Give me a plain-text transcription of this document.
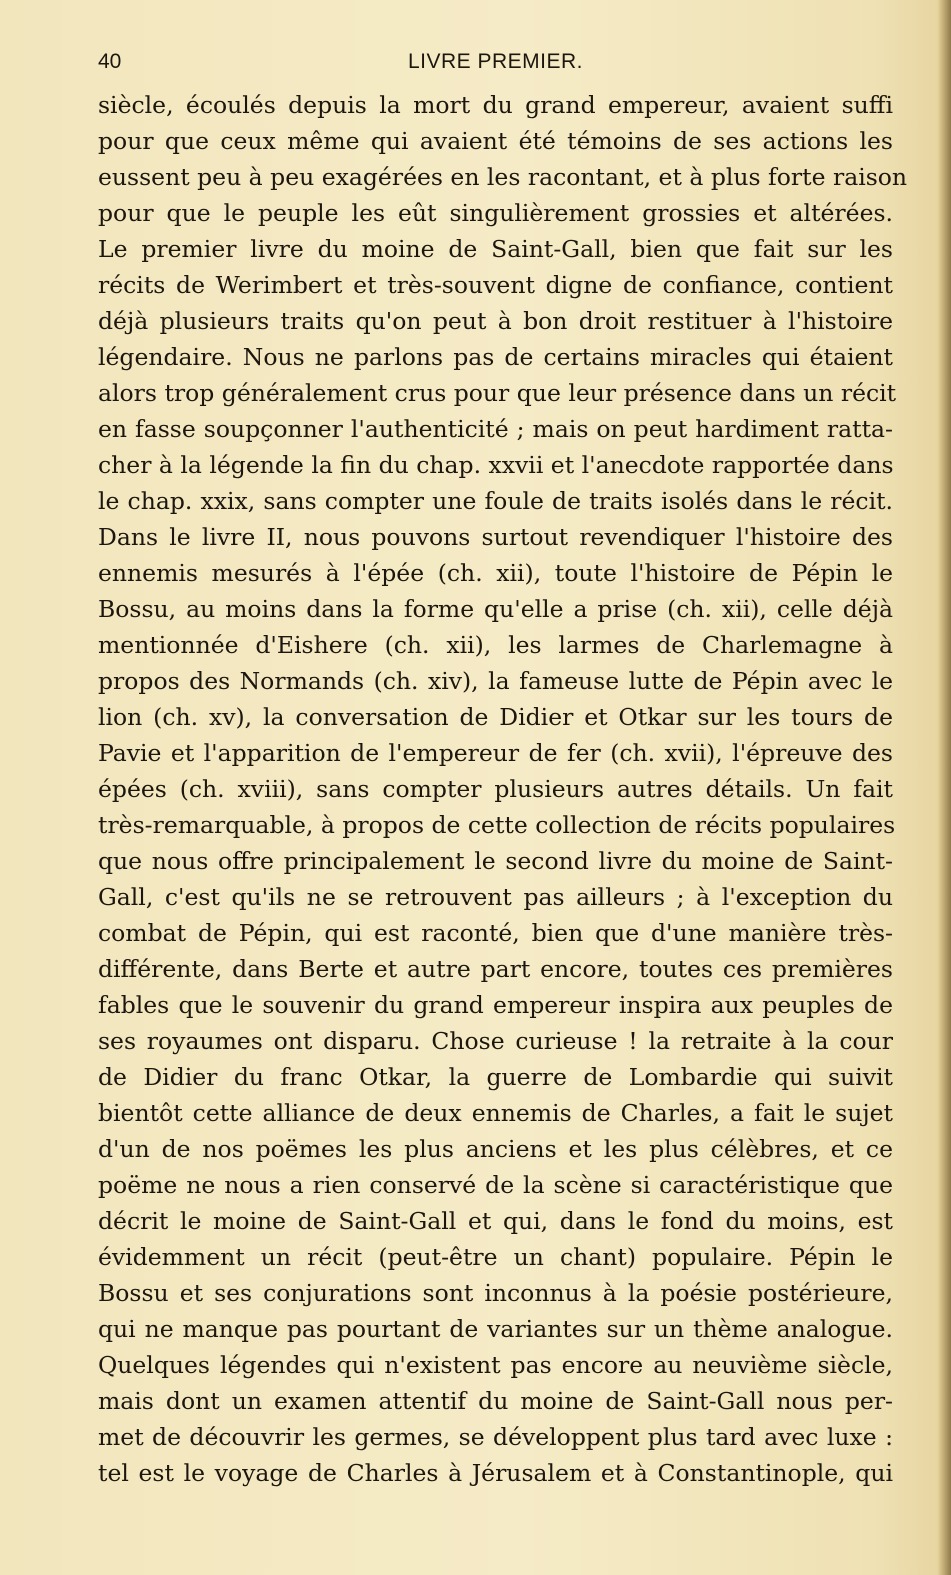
40	LIVRE PREMIER.
siècle, écoulés depuis la mort du grand empereur, avaient suffi
pour que ceux même qui avaient été témoins de ses actions les
eussent peu à peu exagérées en les racontant, et à plus forte raison
pour que le peuple les eût singulièrement grossies et altérées.
Le premier livre du moine de Saint-Gall, bien que fait sur les
récits de Werimbert et très-souvent digne de confiance, contient
déjà plusieurs traits qu'on peut à bon droit restituer à l'histoire
légendaire. Nous ne parlons pas de certains miracles qui étaient
alors trop généralement crus pour que leur présence dans un récit
en fasse soupçonner l'authenticité ; mais on peut hardiment ratta-
cher à la légende la fin du chap. xxvii et l'anecdote rapportée dans
le chap. xxix, sans compter une foule de traits isolés dans le récit.
Dans le livre II, nous pouvons surtout revendiquer l'histoire des
ennemis mesurés à l'épée (ch. xii), toute l'histoire de Pépin le
Bossu, au moins dans la forme qu'elle a prise (ch. xii), celle déjà
mentionnée d'Eishere (ch. xii), les larmes de Charlemagne à
propos des Normands (ch. xiv), la fameuse lutte de Pépin avec le
lion (ch. xv), la conversation de Didier et Otkar sur les tours de
Pavie et l'apparition de l'empereur de fer (ch. xvii), l'épreuve des
épées (ch. xviii), sans compter plusieurs autres détails. Un fait
très-remarquable, à propos de cette collection de récits populaires
que nous offre principalement le second livre du moine de Saint-
Gall, c'est qu'ils ne se retrouvent pas ailleurs ; à l'exception du
combat de Pépin, qui est raconté, bien que d'une manière très-
différente, dans Berte et autre part encore, toutes ces premières
fables que le souvenir du grand empereur inspira aux peuples de
ses royaumes ont disparu. Chose curieuse ! la retraite à la cour
de Didier du franc Otkar, la guerre de Lombardie qui suivit
bientôt cette alliance de deux ennemis de Charles, a fait le sujet
d'un de nos poëmes les plus anciens et les plus célèbres, et ce
poëme ne nous a rien conservé de la scène si caractéristique que
décrit le moine de Saint-Gall et qui, dans le fond du moins, est
évidemment un récit (peut-être un chant) populaire. Pépin le
Bossu et ses conjurations sont inconnus à la poésie postérieure,
qui ne manque pas pourtant de variantes sur un thème analogue.
Quelques légendes qui n'existent pas encore au neuvième siècle,
mais dont un examen attentif du moine de Saint-Gall nous per-
met de découvrir les germes, se développent plus tard avec luxe :
tel est le voyage de Charles à Jérusalem et à Constantinople, qui
